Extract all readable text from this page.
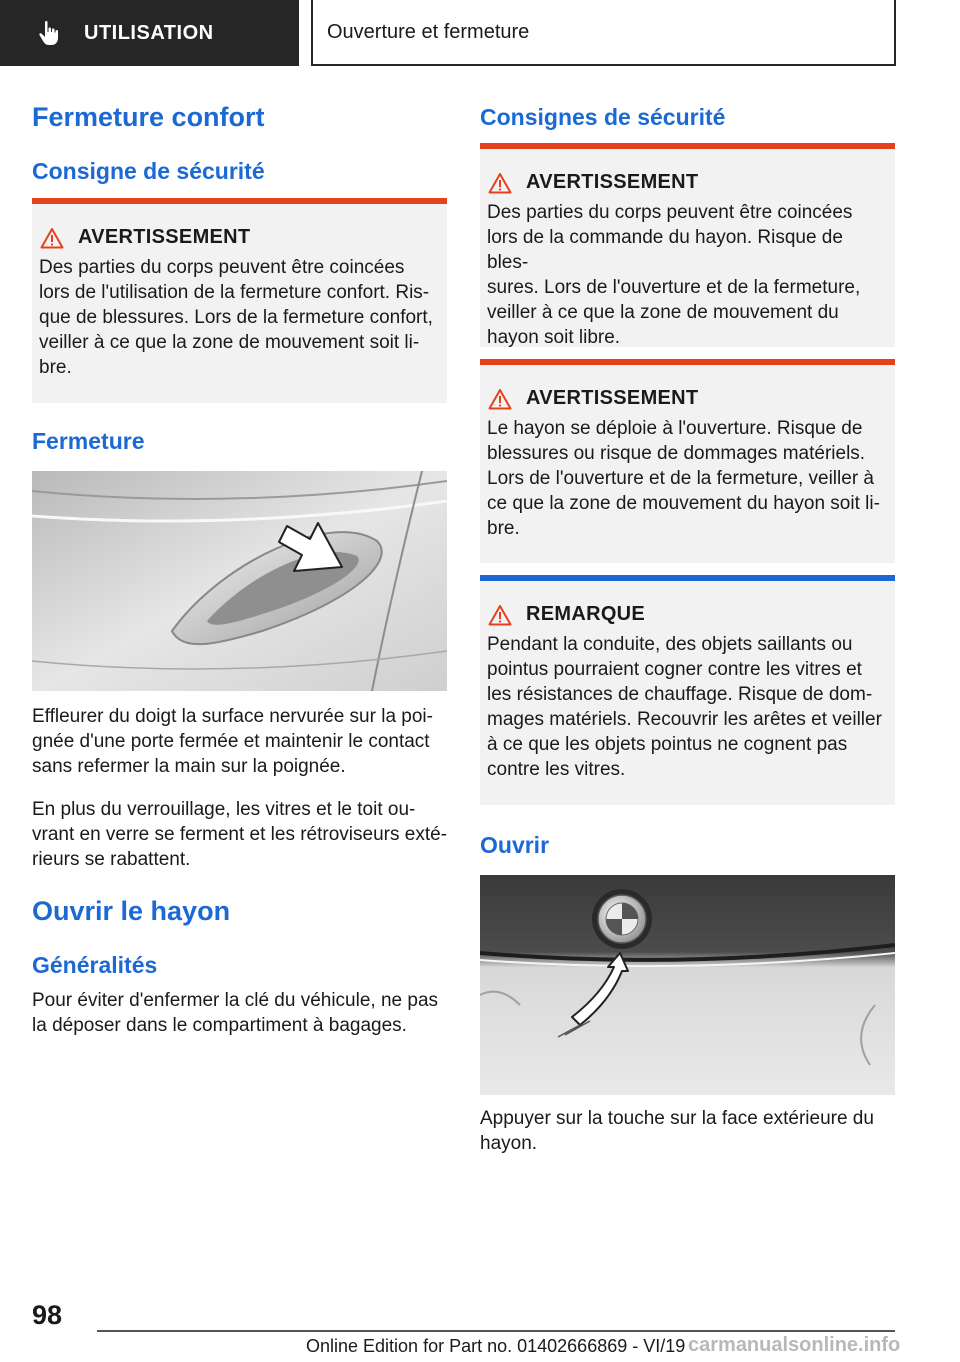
UTILISATION	Ouverture et fermeture
Fermeture confort
Consigne de sécurité
AVERTISSEMENT
Des parties du corps peuvent être coincées
lors de l'utilisation de la fermeture confort. Ris-
que de blessures. Lors de la fermeture confort,
veiller à ce que la zone de mouvement soit li-
bre.
Fermeture
Effleurer du doigt la surface nervurée sur la poi-
gnée d'une porte fermée et maintenir le contact
sans refermer la main sur la poignée.
En plus du verrouillage, les vitres et le toit ou-
vrant en verre se ferment et les rétroviseurs exté-
rieurs se rabattent.
Ouvrir le hayon
Généralités
Pour éviter d'enfermer la clé du véhicule, ne pas
la déposer dans le compartiment à bagages.
Consignes de sécurité
AVERTISSEMENT
Des parties du corps peuvent être coincées
lors de la commande du hayon. Risque de bles-
sures. Lors de l'ouverture et de la fermeture,
veiller à ce que la zone de mouvement du
hayon soit libre.
AVERTISSEMENT
Le hayon se déploie à l'ouverture. Risque de
blessures ou risque de dommages matériels.
Lors de l'ouverture et de la fermeture, veiller à
ce que la zone de mouvement du hayon soit li-
bre.
REMARQUE
Pendant la conduite, des objets saillants ou
pointus pourraient cogner contre les vitres et
les résistances de chauffage. Risque de dom-
mages matériels. Recouvrir les arêtes et veiller
à ce que les objets pointus ne cognent pas
contre les vitres.
Ouvrir
Appuyer sur la touche sur la face extérieure du
hayon.
98
Online Edition for Part no. 01402666869 - VI/19 carmanualsonline.info
